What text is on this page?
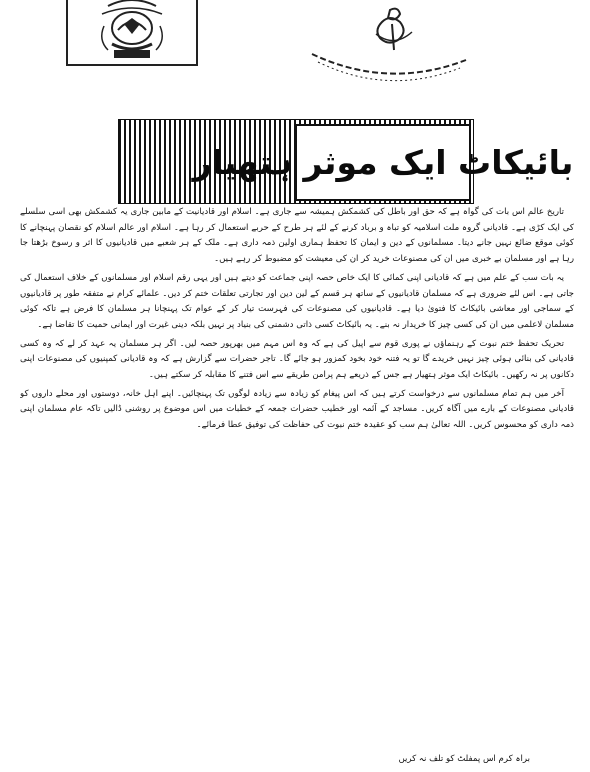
بائیکاٹ ایک موثر ہتھیار

تاریخ عالم اس بات کی گواہ ہے کہ حق اور باطل کی کشمکش ہمیشہ سے جاری ہے۔ اسلام اور قادیانیت کے مابین جاری یہ کشمکش بھی اسی سلسلے کی ایک کڑی ہے۔ قادیانی گروہ ملت اسلامیہ کو تباہ و برباد کرنے کے لئے ہر طرح کے حربے استعمال کر رہا ہے۔ اسلام اور عالم اسلام کو نقصان پہنچانے کا کوئی موقع ضائع نہیں جانے دیتا۔ مسلمانوں کے دین و ایمان کا تحفظ ہماری اولین ذمہ داری ہے۔ ملک کے ہر شعبے میں قادیانیوں کا اثر و رسوخ بڑھتا جا رہا ہے اور مسلمان بے خبری میں ان کی مصنوعات خرید کر ان کی معیشت کو مضبوط کر رہے ہیں۔

یہ بات سب کے علم میں ہے کہ قادیانی اپنی کمائی کا ایک خاص حصہ اپنی جماعت کو دیتے ہیں اور یہی رقم اسلام اور مسلمانوں کے خلاف استعمال کی جاتی ہے۔ اس لئے ضروری ہے کہ مسلمان قادیانیوں کے ساتھ ہر قسم کے لین دین اور تجارتی تعلقات ختم کر دیں۔ علمائے کرام نے متفقہ طور پر قادیانیوں کے سماجی اور معاشی بائیکاٹ کا فتویٰ دیا ہے۔ قادیانیوں کی مصنوعات کی فہرست تیار کر کے عوام تک پہنچانا ہر مسلمان کا فرض ہے تاکہ کوئی مسلمان لاعلمی میں ان کی کسی چیز کا خریدار نہ بنے۔ یہ بائیکاٹ کسی ذاتی دشمنی کی بنیاد پر نہیں بلکہ دینی غیرت اور ایمانی حمیت کا تقاضا ہے۔

تحریک تحفظ ختم نبوت کے رہنماؤں نے پوری قوم سے اپیل کی ہے کہ وہ اس مہم میں بھرپور حصہ لیں۔ اگر ہر مسلمان یہ عہد کر لے کہ وہ کسی قادیانی کی بنائی ہوئی چیز نہیں خریدے گا تو یہ فتنہ خود بخود کمزور ہو جائے گا۔ تاجر حضرات سے گزارش ہے کہ وہ قادیانی کمپنیوں کی مصنوعات اپنی دکانوں پر نہ رکھیں۔ بائیکاٹ ایک موثر ہتھیار ہے جس کے ذریعے ہم پرامن طریقے سے اس فتنے کا مقابلہ کر سکتے ہیں۔

آخر میں ہم تمام مسلمانوں سے درخواست کرتے ہیں کہ اس پیغام کو زیادہ سے زیادہ لوگوں تک پہنچائیں۔ اپنے اہل خانہ، دوستوں اور محلے داروں کو قادیانی مصنوعات کے بارے میں آگاہ کریں۔ مساجد کے آئمہ اور خطیب حضرات جمعہ کے خطبات میں اس موضوع پر روشنی ڈالیں تاکہ عام مسلمان اپنی ذمہ داری کو محسوس کریں۔ اللہ تعالیٰ ہم سب کو عقیدہ ختم نبوت کی حفاظت کی توفیق عطا فرمائے۔

براہ کرم اس پمفلٹ کو تلف نہ کریں
